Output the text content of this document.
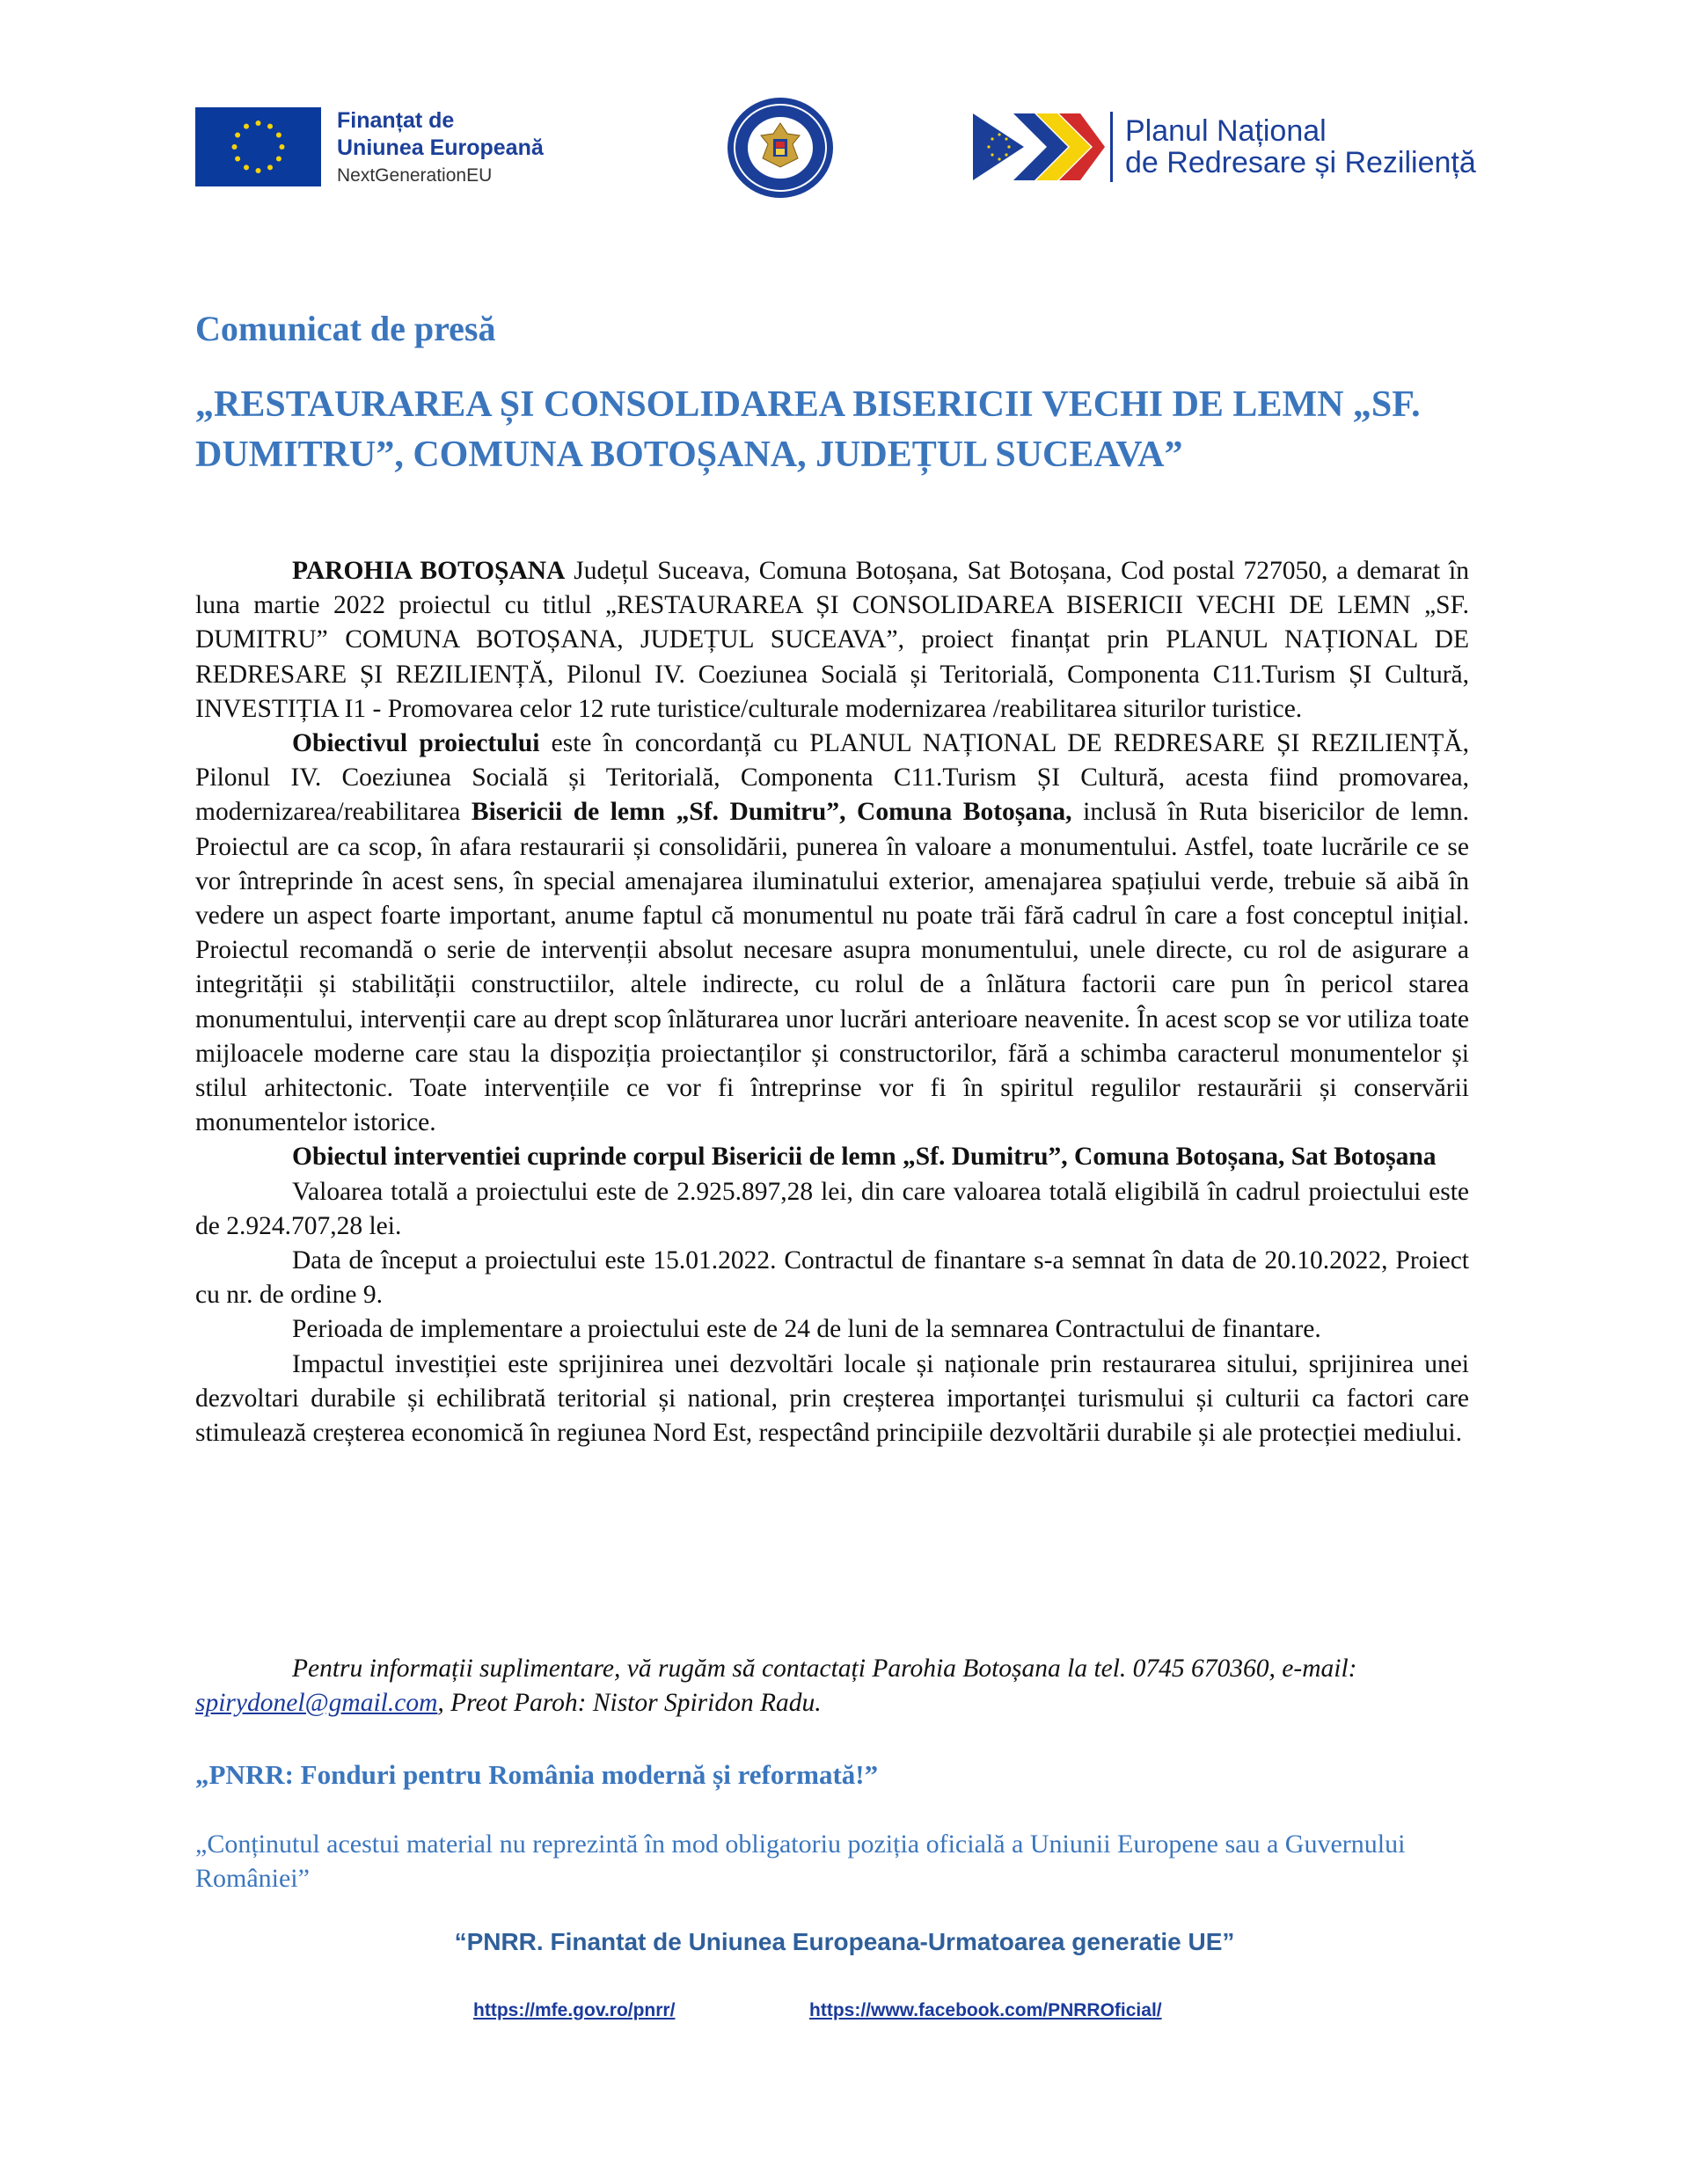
Finanțat de
Uniunea Europeană
NextGenerationEU
Planul Național
de Redresare și Reziliență
Comunicat de presă
„RESTAURAREA ȘI CONSOLIDAREA BISERICII VECHI DE LEMN „SF. DUMITRU”, COMUNA BOTOȘANA, JUDEȚUL SUCEAVA”

PAROHIA BOTOȘANA Județul Suceava, Comuna Botoșana, Sat Botoșana, Cod postal 727050, a demarat în luna martie 2022 proiectul cu titlul „RESTAURAREA ȘI CONSOLIDAREA BISERICII VECHI DE LEMN „SF. DUMITRU” COMUNA BOTOȘANA, JUDEȚUL SUCEAVA”, proiect finanțat prin PLANUL NAȚIONAL DE REDRESARE ȘI REZILIENȚĂ, Pilonul IV. Coeziunea Socială și Teritorială, Componenta C11.Turism ȘI Cultură, INVESTIȚIA I1 - Promovarea celor 12 rute turistice/culturale modernizarea /reabilitarea siturilor turistice.

Obiectivul proiectului este în concordanță cu PLANUL NAȚIONAL DE REDRESARE ȘI REZILIENȚĂ, Pilonul IV. Coeziunea Socială și Teritorială, Componenta C11.Turism ȘI Cultură, acesta fiind promovarea, modernizarea/reabilitarea Bisericii de lemn „Sf. Dumitru”, Comuna Botoșana, inclusă în Ruta bisericilor de lemn. Proiectul are ca scop, în afara restaurarii și consolidării, punerea în valoare a monumentului. Astfel, toate lucrările ce se vor întreprinde în acest sens, în special amenajarea iluminatului exterior, amenajarea spațiului verde, trebuie să aibă în vedere un aspect foarte important, anume faptul că monumentul nu poate trăi fără cadrul în care a fost conceptul inițial. Proiectul recomandă o serie de intervenții absolut necesare asupra monumentului, unele directe, cu rol de asigurare a integrității și stabilității constructiilor, altele indirecte, cu rolul de a înlătura factorii care pun în pericol starea monumentului, intervenții care au drept scop înlăturarea unor lucrări anterioare neavenite. În acest scop se vor utiliza toate mijloacele moderne care stau la dispoziția proiectanților și constructorilor, fără a schimba caracterul monumentelor și stilul arhitectonic. Toate intervențiile ce vor fi întreprinse vor fi în spiritul regulilor restaurării și conservării monumentelor istorice.

Obiectul interventiei cuprinde corpul Bisericii de lemn „Sf. Dumitru”, Comuna Botoșana, Sat Botoșana

Valoarea totală a proiectului este de 2.925.897,28 lei, din care valoarea totală eligibilă în cadrul proiectului este de 2.924.707,28 lei.

Data de început a proiectului este 15.01.2022. Contractul de finantare s-a semnat în data de 20.10.2022, Proiect cu nr. de ordine 9.

Perioada de implementare a proiectului este de 24 de luni de la semnarea Contractului de finantare.

Impactul investiției este sprijinirea unei dezvoltări locale și naționale prin restaurarea sitului, sprijinirea unei dezvoltari durabile și echilibrată teritorial și national, prin creșterea importanței turismului și culturii ca factori care stimulează creșterea economică în regiunea Nord Est, respectând principiile dezvoltării durabile și ale protecției mediului.

Pentru informații suplimentare, vă rugăm să contactați Parohia Botoșana la tel. 0745 670360, e-mail: spirydonel@gmail.com, Preot Paroh: Nistor Spiridon Radu.
„PNRR: Fonduri pentru România modernă și reformată!”
„Conținutul acestui material nu reprezintă în mod obligatoriu poziția oficială a Uniunii Europene sau a Guvernului României”
“PNRR. Finantat de Uniunea Europeana-Urmatoarea generatie UE”
https://mfe.gov.ro/pnrr/	https://www.facebook.com/PNRROficial/
